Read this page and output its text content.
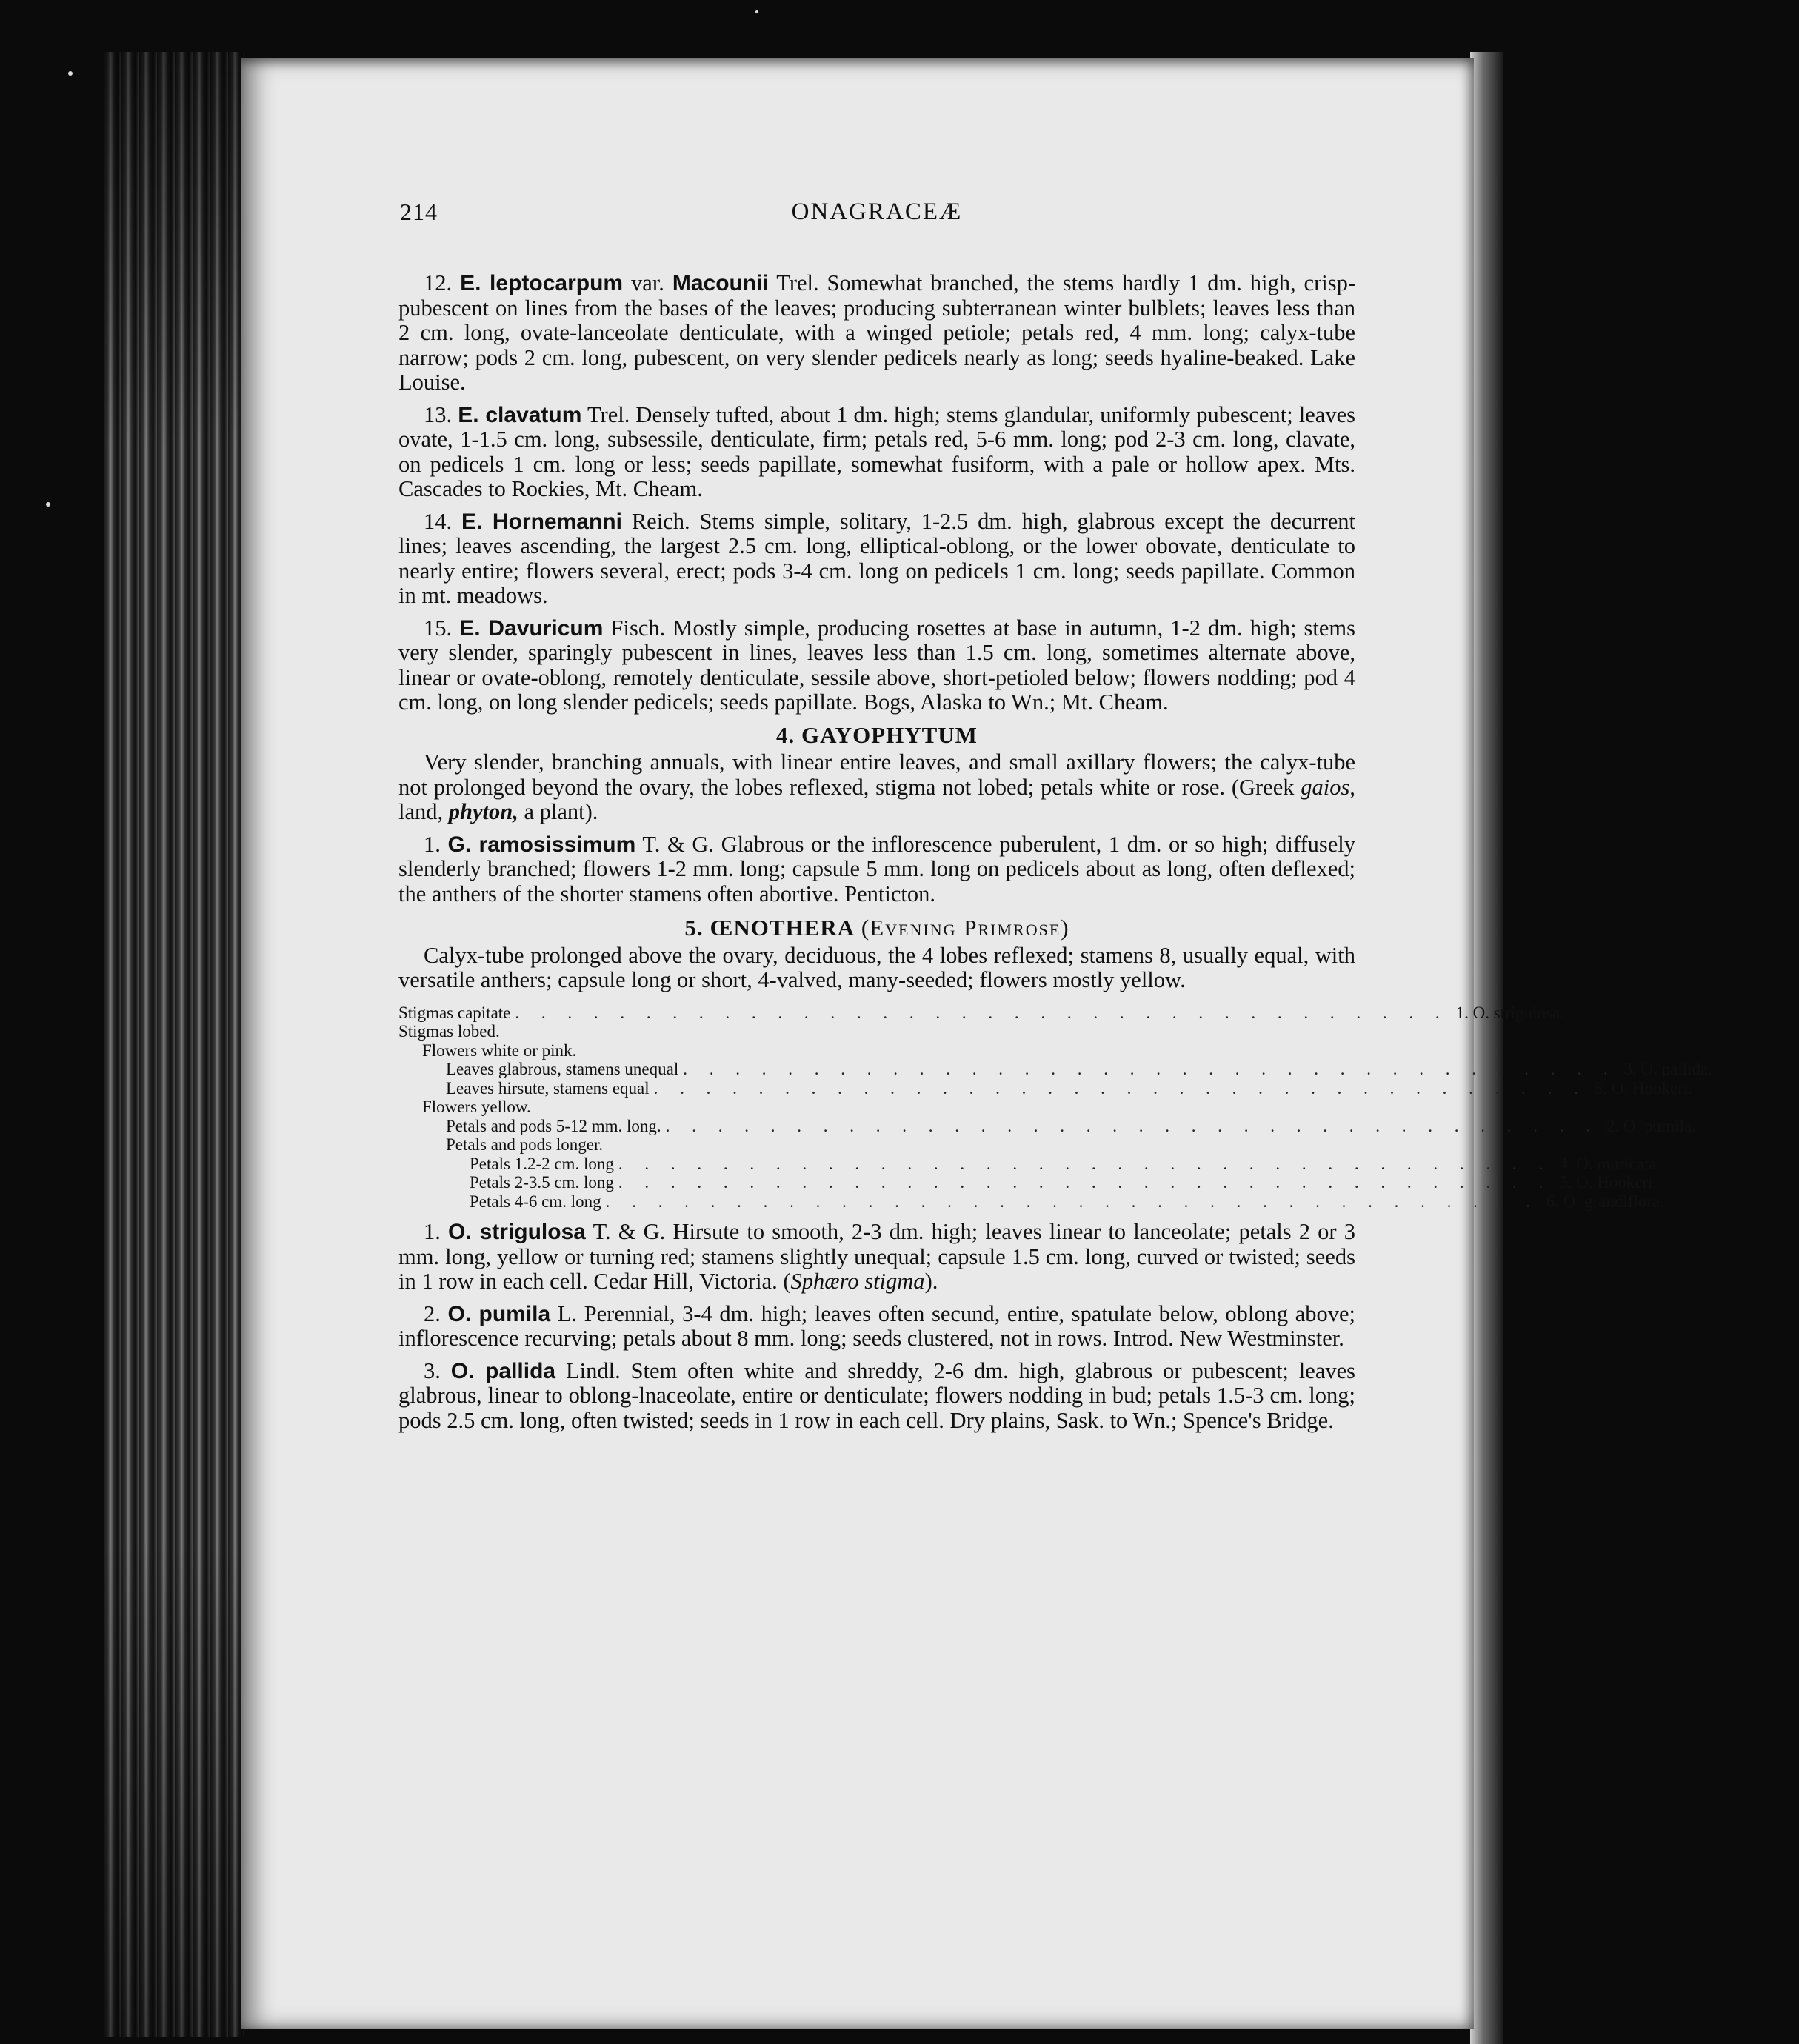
214	ONAGRACEÆ

12. E. leptocarpum var. Macounii Trel. Somewhat branched, the stems hardly 1 dm. high, crisp-pubescent on lines from the bases of the leaves; producing subterranean winter bulblets; leaves less than 2 cm. long, ovate-lanceolate denticulate, with a winged petiole; petals red, 4 mm. long; calyx-tube narrow; pods 2 cm. long, pubescent, on very slender pedicels nearly as long; seeds hyaline-beaked. Lake Louise.

13. E. clavatum Trel. Densely tufted, about 1 dm. high; stems glandular, uniformly pubescent; leaves ovate, 1-1.5 cm. long, subsessile, denticulate, firm; petals red, 5-6 mm. long; pod 2-3 cm. long, clavate, on pedicels 1 cm. long or less; seeds papillate, somewhat fusiform, with a pale or hollow apex. Mts. Cascades to Rockies, Mt. Cheam.

14. E. Hornemanni Reich. Stems simple, solitary, 1-2.5 dm. high, glabrous except the decurrent lines; leaves ascending, the largest 2.5 cm. long, elliptical-oblong, or the lower obovate, denticulate to nearly entire; flowers several, erect; pods 3-4 cm. long on pedicels 1 cm. long; seeds papillate. Common in mt. meadows.

15. E. Davuricum Fisch. Mostly simple, producing rosettes at base in autumn, 1-2 dm. high; stems very slender, sparingly pubescent in lines, leaves less than 1.5 cm. long, sometimes alternate above, linear or ovate-oblong, remotely denticulate, sessile above, short-petioled below; flowers nodding; pod 4 cm. long, on long slender pedicels; seeds papillate. Bogs, Alaska to Wn.; Mt. Cheam.

4. GAYOPHYTUM

Very slender, branching annuals, with linear entire leaves, and small axillary flowers; the calyx-tube not prolonged beyond the ovary, the lobes reflexed, stigma not lobed; petals white or rose. (Greek gaios, land, phyton, a plant).

1. G. ramosissimum T. & G. Glabrous or the inflorescence puberulent, 1 dm. or so high; diffusely slenderly branched; flowers 1-2 mm. long; capsule 5 mm. long on pedicels about as long, often deflexed; the anthers of the shorter stamens often abortive. Penticton.

5. ŒNOTHERA (Evening Primrose)

Calyx-tube prolonged above the ovary, deciduous, the 4 lobes reflexed; stamens 8, usually equal, with versatile anthers; capsule long or short, 4-valved, many-seeded; flowers mostly yellow.

Stigmas capitate . . . . . . . . . . . . . . . . . . . . . . . . . . . . . . . . . . . . 1. O. strigulosa.
Stigmas lobed.
Flowers white or pink.
Leaves glabrous, stamens unequal . . . . . . . . . . . . . . . . . . . . . . . . . . . . . . . . . . . . 3. O. pallida.
Leaves hirsute, stamens equal . . . . . . . . . . . . . . . . . . . . . . . . . . . . . . . . . . . . 5. O. Hookeri.
Flowers yellow.
Petals and pods 5-12 mm. long. . . . . . . . . . . . . . . . . . . . . . . . . . . . . . . . . . . . . 2. O. pumila.
Petals and pods longer.
Petals 1.2-2 cm. long . . . . . . . . . . . . . . . . . . . . . . . . . . . . . . . . . . . . 4. O. muricata.
Petals 2-3.5 cm. long . . . . . . . . . . . . . . . . . . . . . . . . . . . . . . . . . . . . 5. O. Hookeri.
Petals 4-6 cm. long . . . . . . . . . . . . . . . . . . . . . . . . . . . . . . . . . . . . 6. O. grandiflora.

1. O. strigulosa T. & G. Hirsute to smooth, 2-3 dm. high; leaves linear to lanceolate; petals 2 or 3 mm. long, yellow or turning red; stamens slightly unequal; capsule 1.5 cm. long, curved or twisted; seeds in 1 row in each cell. Cedar Hill, Victoria. (Sphæro stigma).

2. O. pumila L. Perennial, 3-4 dm. high; leaves often secund, entire, spatulate below, oblong above; inflorescence recurving; petals about 8 mm. long; seeds clustered, not in rows. Introd. New Westminster.

3. O. pallida Lindl. Stem often white and shreddy, 2-6 dm. high, glabrous or pubescent; leaves glabrous, linear to oblong-lnaceolate, entire or denticulate; flowers nodding in bud; petals 1.5-3 cm. long; pods 2.5 cm. long, often twisted; seeds in 1 row in each cell. Dry plains, Sask. to Wn.; Spence's Bridge.
